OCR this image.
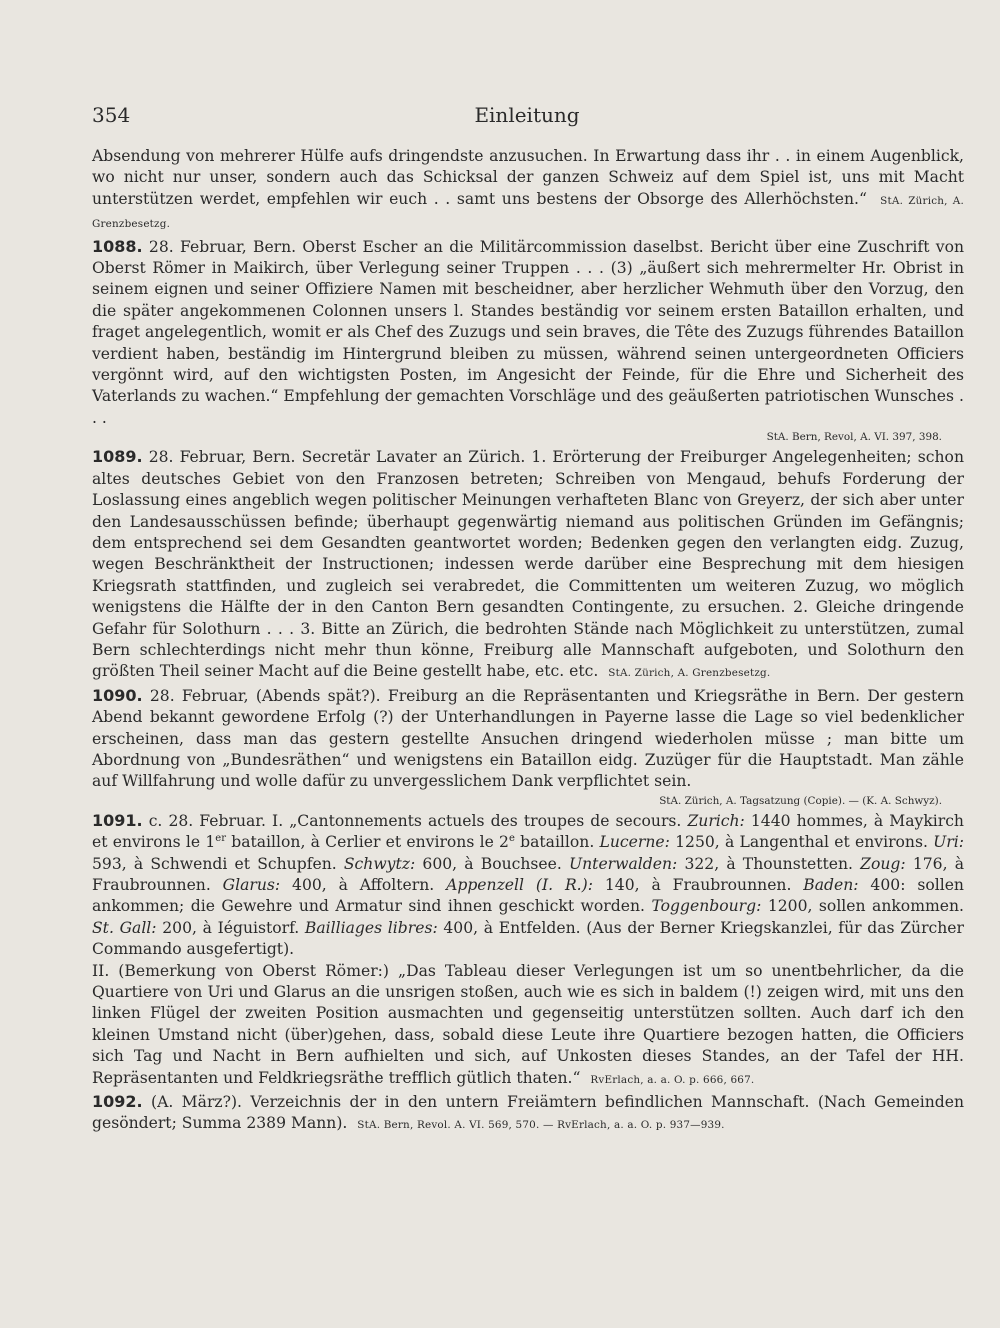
354	Einleitung

Absendung von mehrerer Hülfe aufs dringendste anzusuchen. In Erwartung dass ihr . . in einem Augenblick, wo nicht nur unser, sondern auch das Schicksal der ganzen Schweiz auf dem Spiel ist, uns mit Macht unterstützen werdet, empfehlen wir euch . . samt uns bestens der Obsorge des Allerhöchsten.“ StA. Zürich, A. Grenzbesetzg.

1088. 28. Februar, Bern. Oberst Escher an die Militärcommission daselbst. Bericht über eine Zuschrift von Oberst Römer in Maikirch, über Verlegung seiner Truppen . . . (3) „äußert sich mehrermelter Hr. Obrist in seinem eignen und seiner Offiziere Namen mit bescheidner, aber herzlicher Wehmuth über den Vorzug, den die später angekommenen Colonnen unsers l. Standes beständig vor seinem ersten Bataillon erhalten, und fraget angelegentlich, womit er als Chef des Zuzugs und sein braves, die Tête des Zuzugs führendes Bataillon verdient haben, beständig im Hintergrund bleiben zu müssen, während seinen untergeordneten Officiers vergönnt wird, auf den wichtigsten Posten, im Angesicht der Feinde, für die Ehre und Sicherheit des Vaterlands zu wachen.“ Empfehlung der gemachten Vorschläge und des geäußerten patriotischen Wunsches . . .

StA. Bern, Revol, A. VI. 397, 398.

1089. 28. Februar, Bern. Secretär Lavater an Zürich. 1. Erörterung der Freiburger Angelegenheiten; schon altes deutsches Gebiet von den Franzosen betreten; Schreiben von Mengaud, behufs Forderung der Loslassung eines angeblich wegen politischer Meinungen verhafteten Blanc von Greyerz, der sich aber unter den Landesausschüssen befinde; überhaupt gegenwärtig niemand aus politischen Gründen im Gefängnis; dem entsprechend sei dem Gesandten geantwortet worden; Bedenken gegen den verlangten eidg. Zuzug, wegen Beschränktheit der Instructionen; indessen werde darüber eine Besprechung mit dem hiesigen Kriegsrath stattfinden, und zugleich sei verabredet, die Committenten um weiteren Zuzug, wo möglich wenigstens die Hälfte der in den Canton Bern gesandten Contingente, zu ersuchen. 2. Gleiche dringende Gefahr für Solothurn . . . 3. Bitte an Zürich, die bedrohten Stände nach Möglichkeit zu unterstützen, zumal Bern schlechterdings nicht mehr thun könne, Freiburg alle Mannschaft aufgeboten, und Solothurn den größten Theil seiner Macht auf die Beine gestellt habe, etc. etc. StA. Zürich, A. Grenzbesetzg.

1090. 28. Februar, (Abends spät?). Freiburg an die Repräsentanten und Kriegsräthe in Bern. Der gestern Abend bekannt gewordene Erfolg (?) der Unterhandlungen in Payerne lasse die Lage so viel bedenklicher erscheinen, dass man das gestern gestellte Ansuchen dringend wiederholen müsse ; man bitte um Abordnung von „Bundesräthen“ und wenigstens ein Bataillon eidg. Zuzüger für die Hauptstadt. Man zähle auf Willfahrung und wolle dafür zu unvergesslichem Dank verpflichtet sein.

StA. Zürich, A. Tagsatzung (Copie). — (K. A. Schwyz).

1091. c. 28. Februar. I. „Cantonnements actuels des troupes de secours. Zurich: 1440 hommes, à Maykirch et environs le 1er bataillon, à Cerlier et environs le 2e bataillon. Lucerne: 1250, à Langenthal et environs. Uri: 593, à Schwendi et Schupfen. Schwytz: 600, à Bouchsee. Unterwalden: 322, à Thounstetten. Zoug: 176, à Fraubrounnen. Glarus: 400, à Affoltern. Appenzell (I. R.): 140, à Fraubrounnen. Baden: 400: sollen ankommen; die Gewehre und Armatur sind ihnen geschickt worden. Toggenbourg: 1200, sollen ankommen. St. Gall: 200, à Iéguistorf. Bailliages libres: 400, à Entfelden. (Aus der Berner Kriegskanzlei, für das Zürcher Commando ausgefertigt).

II. (Bemerkung von Oberst Römer:) „Das Tableau dieser Verlegungen ist um so unentbehrlicher, da die Quartiere von Uri und Glarus an die unsrigen stoßen, auch wie es sich in baldem (!) zeigen wird, mit uns den linken Flügel der zweiten Position ausmachten und gegenseitig unterstützen sollten. Auch darf ich den kleinen Umstand nicht (über)gehen, dass, sobald diese Leute ihre Quartiere bezogen hatten, die Officiers sich Tag und Nacht in Bern aufhielten und sich, auf Unkosten dieses Standes, an der Tafel der HH. Repräsentanten und Feldkriegsräthe trefflich gütlich thaten.“ RvErlach, a. a. O. p. 666, 667.

1092. (A. März?). Verzeichnis der in den untern Freiämtern befindlichen Mannschaft. (Nach Gemeinden gesöndert; Summa 2389 Mann). StA. Bern, Revol. A. VI. 569, 570. — RvErlach, a. a. O. p. 937—939.
